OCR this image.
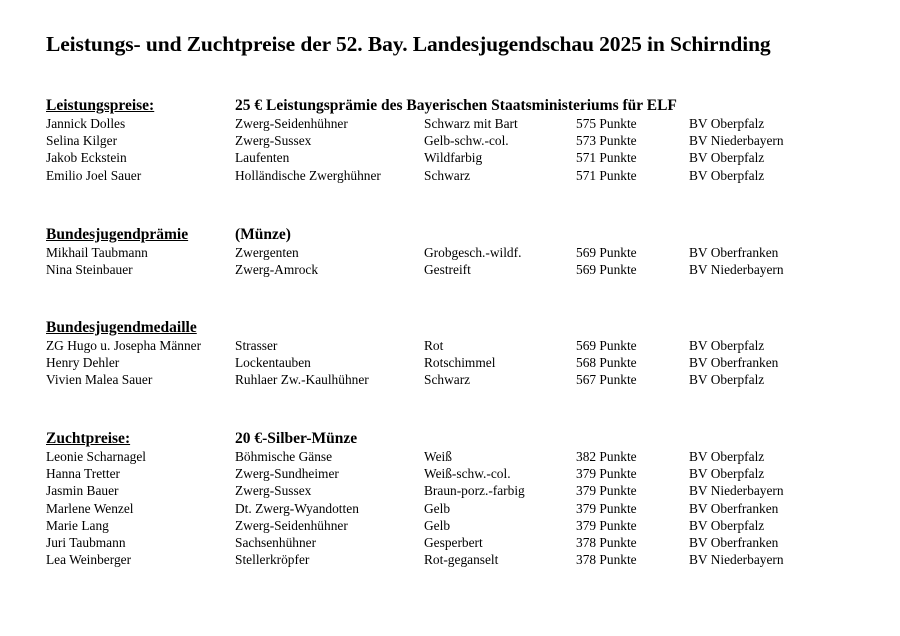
Leistungs- und Zuchtpreise der 52. Bay. Landesjugendschau 2025 in Schirnding
Leistungspreise:	25 € Leistungsprämie des Bayerischen Staatsministeriums für ELF
Jannick Dolles	Zwerg-Seidenhühner	Schwarz mit Bart	575 Punkte	BV Oberpfalz
Selina Kilger	Zwerg-Sussex	Gelb-schw.-col.	573 Punkte	BV Niederbayern
Jakob Eckstein	Laufenten	Wildfarbig	571 Punkte	BV Oberpfalz
Emilio Joel Sauer	Holländische Zwerghühner	Schwarz	571 Punkte	BV Oberpfalz
Bundesjugendprämie	(Münze)
Mikhail Taubmann	Zwergenten	Grobgesch.-wildf.	569 Punkte	BV Oberfranken
Nina Steinbauer	Zwerg-Amrock	Gestreift	569 Punkte	BV Niederbayern
Bundesjugendmedaille
ZG Hugo u. Josepha Männer	Strasser	Rot	569 Punkte	BV Oberpfalz
Henry Dehler	Lockentauben	Rotschimmel	568 Punkte	BV Oberfranken
Vivien Malea Sauer	Ruhlaer Zw.-Kaulhühner	Schwarz	567 Punkte	BV Oberpfalz
Zuchtpreise:	20 €-Silber-Münze
Leonie Scharnagel	Böhmische Gänse	Weiß	382 Punkte	BV Oberpfalz
Hanna Tretter	Zwerg-Sundheimer	Weiß-schw.-col.	379 Punkte	BV Oberpfalz
Jasmin Bauer	Zwerg-Sussex	Braun-porz.-farbig	379 Punkte	BV Niederbayern
Marlene Wenzel	Dt. Zwerg-Wyandotten	Gelb	379 Punkte	BV Oberfranken
Marie Lang	Zwerg-Seidenhühner	Gelb	379 Punkte	BV Oberpfalz
Juri Taubmann	Sachsenhühner	Gesperbert	378 Punkte	BV Oberfranken
Lea Weinberger	Stellerkröpfer	Rot-geganselt	378 Punkte	BV Niederbayern
